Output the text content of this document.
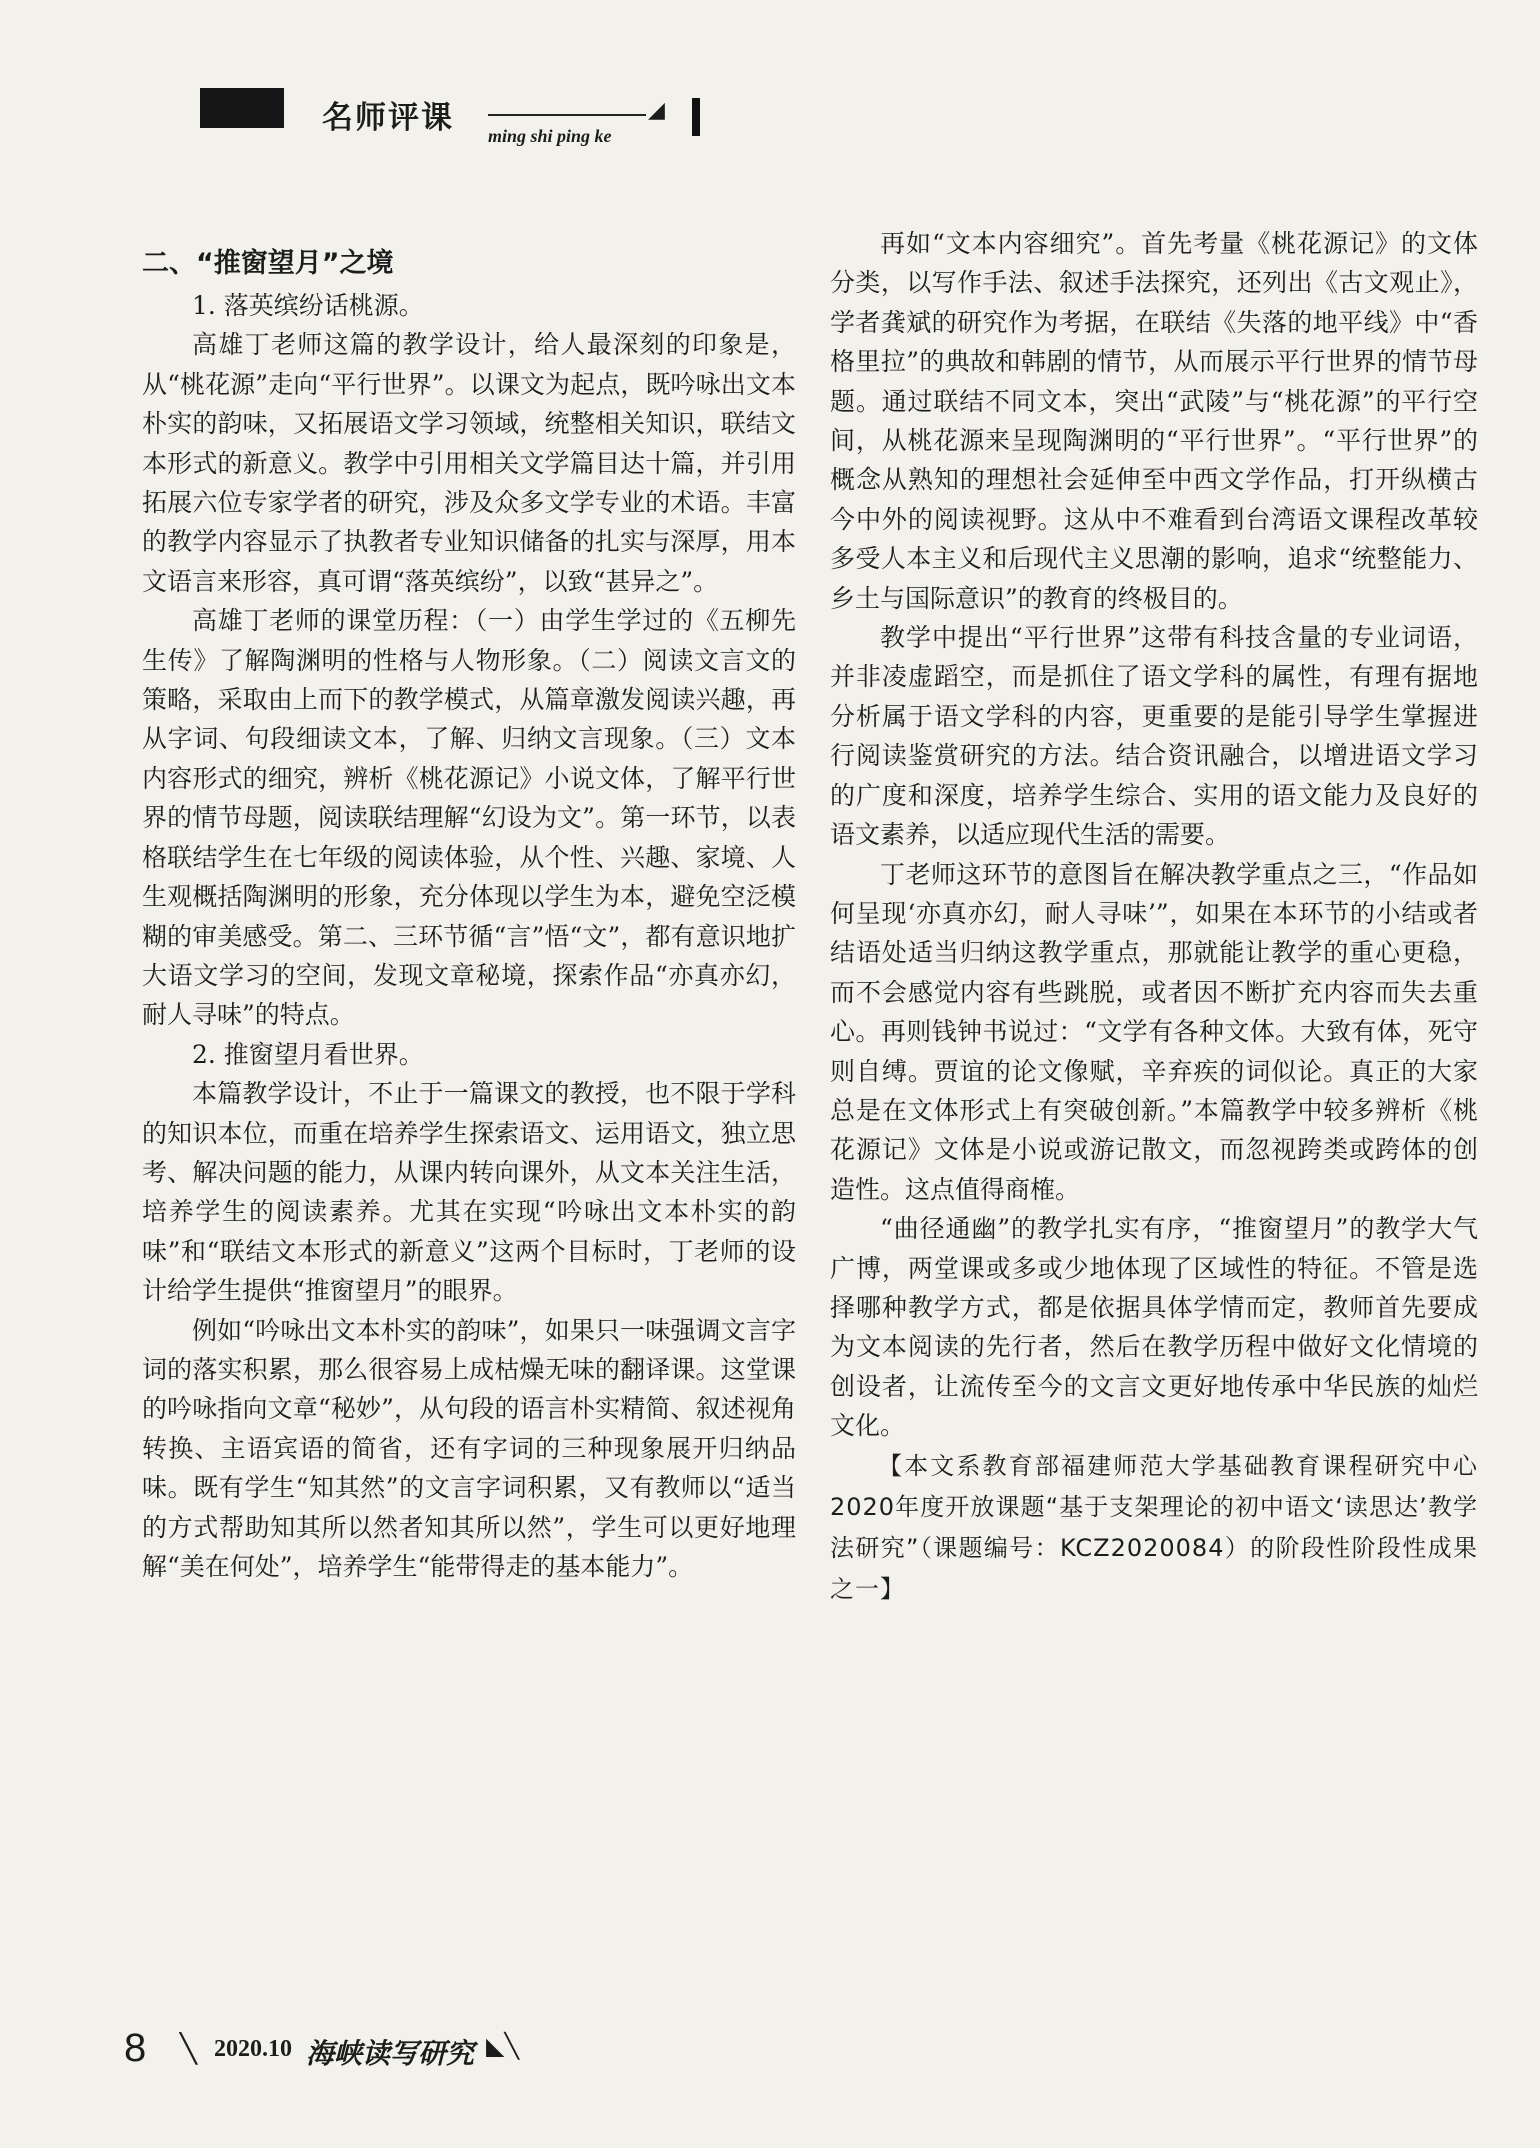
名师评课 ming shi ping ke
◢
二、“推窗望月”之境

1. 落英缤纷话桃源。

高雄丁老师这篇的教学设计，给人最深刻的印象是，从“桃花源”走向“平行世界”。以课文为起点，既吟咏出文本朴实的韵味，又拓展语文学习领域，统整相关知识，联结文本形式的新意义。教学中引用相关文学篇目达十篇，并引用拓展六位专家学者的研究，涉及众多文学专业的术语。丰富的教学内容显示了执教者专业知识储备的扎实与深厚，用本文语言来形容，真可谓“落英缤纷”，以致“甚异之”。

高雄丁老师的课堂历程：（一）由学生学过的《五柳先生传》了解陶渊明的性格与人物形象。（二）阅读文言文的策略，采取由上而下的教学模式，从篇章激发阅读兴趣，再从字词、句段细读文本，了解、归纳文言现象。（三）文本内容形式的细究，辨析《桃花源记》小说文体，了解平行世界的情节母题，阅读联结理解“幻设为文”。第一环节，以表格联结学生在七年级的阅读体验，从个性、兴趣、家境、人生观概括陶渊明的形象，充分体现以学生为本，避免空泛模糊的审美感受。第二、三环节循“言”悟“文”，都有意识地扩大语文学习的空间，发现文章秘境，探索作品“亦真亦幻，耐人寻味”的特点。

2. 推窗望月看世界。

本篇教学设计，不止于一篇课文的教授，也不限于学科的知识本位，而重在培养学生探索语文、运用语文，独立思考、解决问题的能力，从课内转向课外，从文本关注生活，培养学生的阅读素养。尤其在实现“吟咏出文本朴实的韵味”和“联结文本形式的新意义”这两个目标时，丁老师的设计给学生提供“推窗望月”的眼界。

例如“吟咏出文本朴实的韵味”，如果只一味强调文言字词的落实积累，那么很容易上成枯燥无味的翻译课。这堂课的吟咏指向文章“秘妙”，从句段的语言朴实精简、叙述视角转换、主语宾语的简省，还有字词的三种现象展开归纳品味。既有学生“知其然”的文言字词积累，又有教师以“适当的方式帮助知其所以然者知其所以然”，学生可以更好地理解“美在何处”，培养学生“能带得走的基本能力”。

再如“文本内容细究”。首先考量《桃花源记》的文体分类，以写作手法、叙述手法探究，还列出《古文观止》，学者龚斌的研究作为考据，在联结《失落的地平线》中“香格里拉”的典故和韩剧的情节，从而展示平行世界的情节母题。通过联结不同文本，突出“武陵”与“桃花源”的平行空间，从桃花源来呈现陶渊明的“平行世界”。“平行世界”的概念从熟知的理想社会延伸至中西文学作品，打开纵横古今中外的阅读视野。这从中不难看到台湾语文课程改革较多受人本主义和后现代主义思潮的影响，追求“统整能力、乡土与国际意识”的教育的终极目的。

教学中提出“平行世界”这带有科技含量的专业词语，并非凌虚蹈空，而是抓住了语文学科的属性，有理有据地分析属于语文学科的内容，更重要的是能引导学生掌握进行阅读鉴赏研究的方法。结合资讯融合，以增进语文学习的广度和深度，培养学生综合、实用的语文能力及良好的语文素养，以适应现代生活的需要。

丁老师这环节的意图旨在解决教学重点之三，“作品如何呈现‘亦真亦幻，耐人寻味’”，如果在本环节的小结或者结语处适当归纳这教学重点，那就能让教学的重心更稳，而不会感觉内容有些跳脱，或者因不断扩充内容而失去重心。再则钱钟书说过：“文学有各种文体。大致有体，死守则自缚。贾谊的论文像赋，辛弃疾的词似论。真正的大家总是在文体形式上有突破创新。”本篇教学中较多辨析《桃花源记》文体是小说或游记散文，而忽视跨类或跨体的创造性。这点值得商榷。

“曲径通幽”的教学扎实有序，“推窗望月”的教学大气广博，两堂课或多或少地体现了区域性的特征。不管是选择哪种教学方式，都是依据具体学情而定，教师首先要成为文本阅读的先行者，然后在教学历程中做好文化情境的创设者，让流传至今的文言文更好地传承中华民族的灿烂文化。

【本文系教育部福建师范大学基础教育课程研究中心2020年度开放课题“基于支架理论的初中语文‘读思达’教学法研究”（课题编号：KCZ2020084）的阶段性阶段性成果之一】

8 ╲ 2020.10 海峡读写研究 ◣╲
